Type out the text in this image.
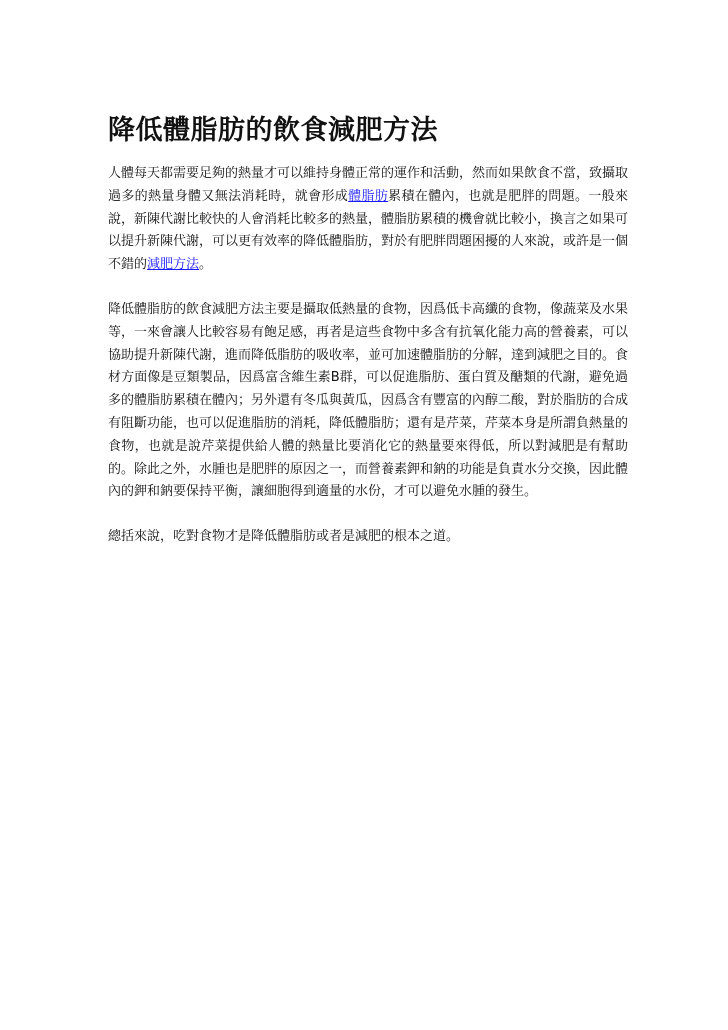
降低體脂肪的飲食減肥方法

人體每天都需要足夠的熱量才可以維持身體正常的運作和活動，然而如果飲食不當，致攝取過多的熱量身體又無法消耗時，就會形成體脂肪累積在體內，也就是肥胖的問題。一般來說，新陳代謝比較快的人會消耗比較多的熱量，體脂肪累積的機會就比較小，換言之如果可以提升新陳代謝，可以更有效率的降低體脂肪，對於有肥胖問題困擾的人來說，或許是一個不錯的減肥方法。

降低體脂肪的飲食減肥方法主要是攝取低熱量的食物，因爲低卡高纖的食物，像蔬菜及水果等，一來會讓人比較容易有飽足感，再者是這些食物中多含有抗氧化能力高的營養素，可以協助提升新陳代謝，進而降低脂肪的吸收率，並可加速體脂肪的分解，達到減肥之目的。食材方面像是豆類製品，因爲富含維生素B群，可以促進脂肪、蛋白質及醣類的代謝，避免過多的體脂肪累積在體內；另外還有冬瓜與黃瓜，因爲含有豐富的內醇二酸，對於脂肪的合成有阻斷功能，也可以促進脂肪的消耗，降低體脂肪；還有是芹菜，芹菜本身是所謂負熱量的食物，也就是說芹菜提供給人體的熱量比要消化它的熱量要來得低，所以對減肥是有幫助的。除此之外，水腫也是肥胖的原因之一，而營養素鉀和鈉的功能是負責水分交換，因此體內的鉀和鈉要保持平衡，讓細胞得到適量的水份，才可以避免水腫的發生。

總括來說，吃對食物才是降低體脂肪或者是減肥的根本之道。
